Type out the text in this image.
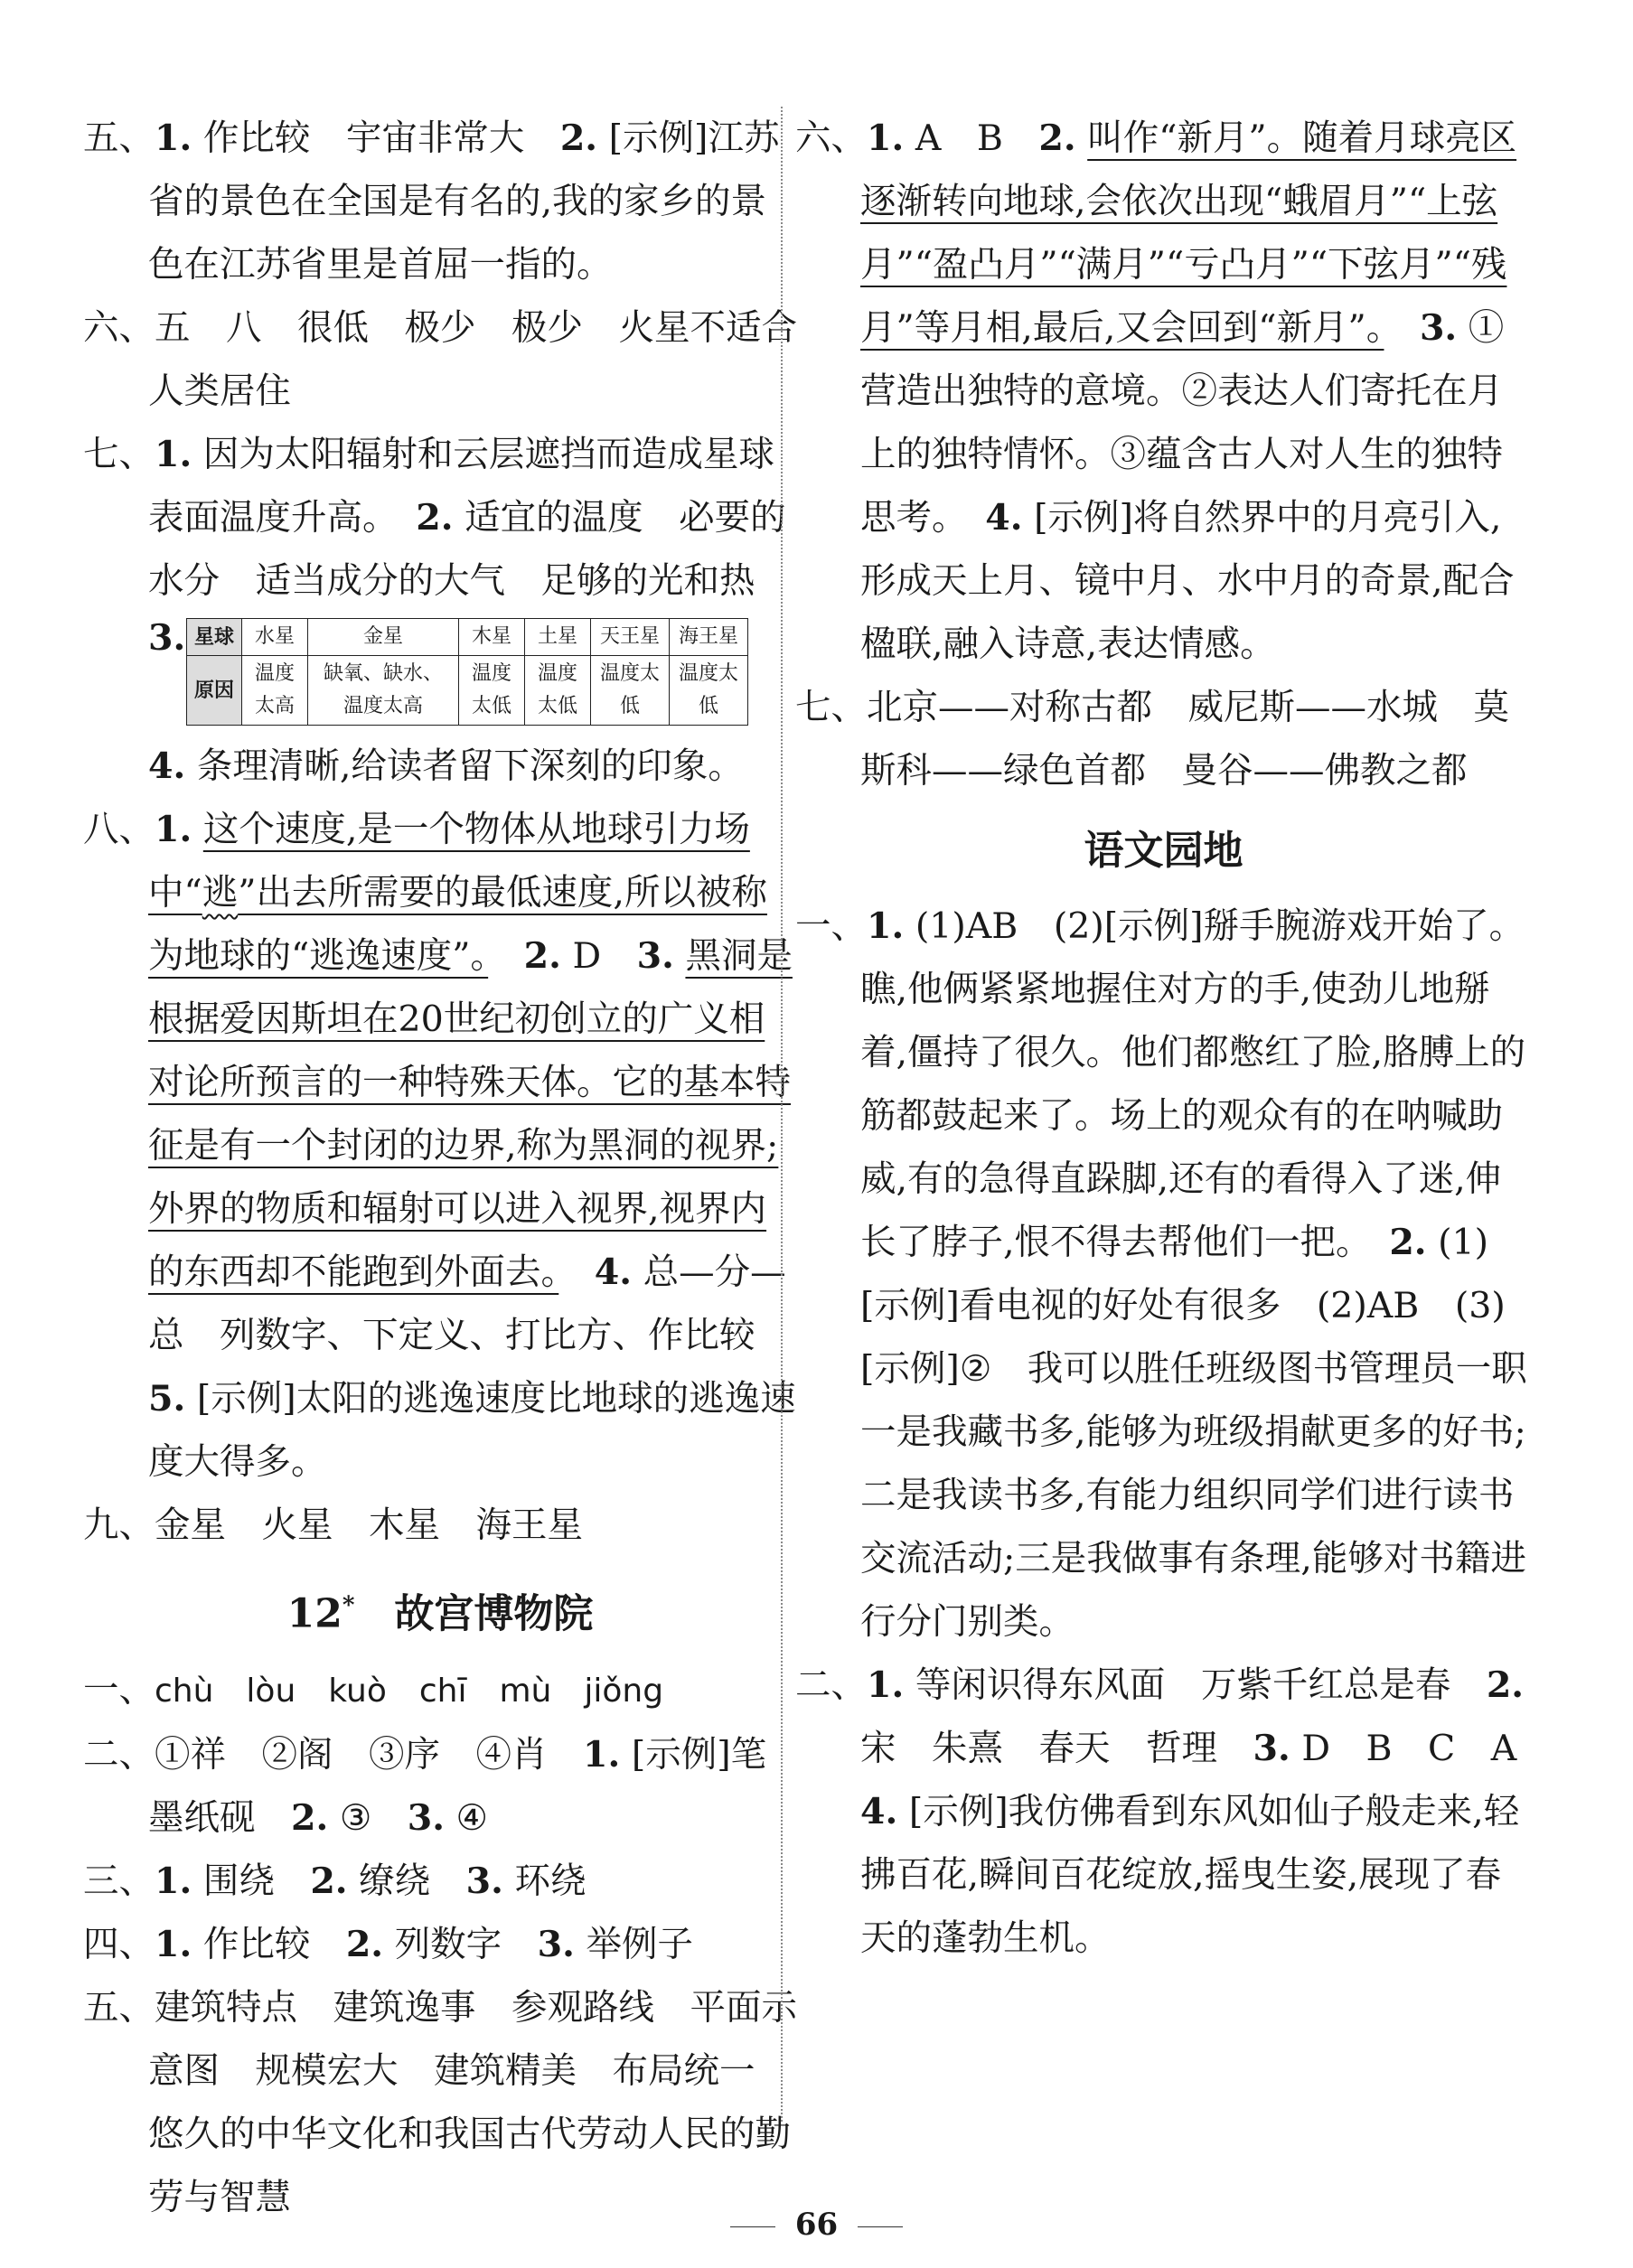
五、1. 作比较　宇宙非常大　 2. [示例]江苏省的景色在全国是有名的,我的家乡的景色在江苏省里是首屈一指的。

六、五　八　很低　极少　极少　火星不适合人类居住

七、1. 因为太阳辐射和云层遮挡而造成星球表面温度升高。　 2. 适宜的温度　必要的水分　适当成分的大气　足够的光和热

3. 星球	水星	金星	木星	土星	天王星	海王星
原因	温度太高	缺氧、缺水、温度太高	温度太低	温度太低	温度太低	温度太低

4. 条理清晰,给读者留下深刻的印象。

八、1. 这个速度,是一个物体从地球引力场中“逃”出去所需要的最低速度,所以被称为地球的“逃逸速度”。　 2. D　 3. 黑洞是根据爱因斯坦在20世纪初创立的广义相对论所预言的一种特殊天体。它的基本特征是有一个封闭的边界,称为黑洞的视界;外界的物质和辐射可以进入视界,视界内的东西却不能跑到外面去。　 4. 总—分—总　列数字、下定义、打比方、作比较　5. [示例]太阳的逃逸速度比地球的逃逸速度大得多。

九、金星　火星　木星　海王星

12*　 故宫博物院

一、chù　lòu　kuò　chī　mù　jiǒng

二、①祥　②阁　③序　④肖　 1. [示例]笔墨纸砚　 2. ③　 3. ④

三、1. 围绕　 2. 缭绕　 3. 环绕

四、1. 作比较　 2. 列数字　 3. 举例子

五、建筑特点　建筑逸事　参观路线　平面示意图　规模宏大　建筑精美　布局统一　悠久的中华文化和我国古代劳动人民的勤劳与智慧

六、1. A　B　 2. 叫作“新月”。随着月球亮区逐渐转向地球,会依次出现“蛾眉月”“上弦月”“盈凸月”“满月”“亏凸月”“下弦月”“残月”等月相,最后,又会回到“新月”。　 3. ①营造出独特的意境。②表达人们寄托在月上的独特情怀。③蕴含古人对人生的独特思考。　 4. [示例]将自然界中的月亮引入,形成天上月、镜中月、水中月的奇景,配合楹联,融入诗意,表达情感。

七、北京——对称古都　威尼斯——水城　莫斯科——绿色首都　曼谷——佛教之都

语文园地

一、1. (1)AB　(2)[示例]掰手腕游戏开始了。瞧,他俩紧紧地握住对方的手,使劲儿地掰着,僵持了很久。他们都憋红了脸,胳膊上的筋都鼓起来了。场上的观众有的在呐喊助威,有的急得直跺脚,还有的看得入了迷,伸长了脖子,恨不得去帮他们一把。　 2. (1)[示例]看电视的好处有很多　(2)AB　(3)[示例]②　我可以胜任班级图书管理员一职　一是我藏书多,能够为班级捐献更多的好书;二是我读书多,有能力组织同学们进行读书交流活动;三是我做事有条理,能够对书籍进行分门别类。

二、1. 等闲识得东风面　万紫千红总是春　 2. 宋　朱熹　春天　哲理　 3. D　B　C　A　4. [示例]我仿佛看到东风如仙子般走来,轻拂百花,瞬间百花绽放,摇曳生姿,展现了春天的蓬勃生机。

66
